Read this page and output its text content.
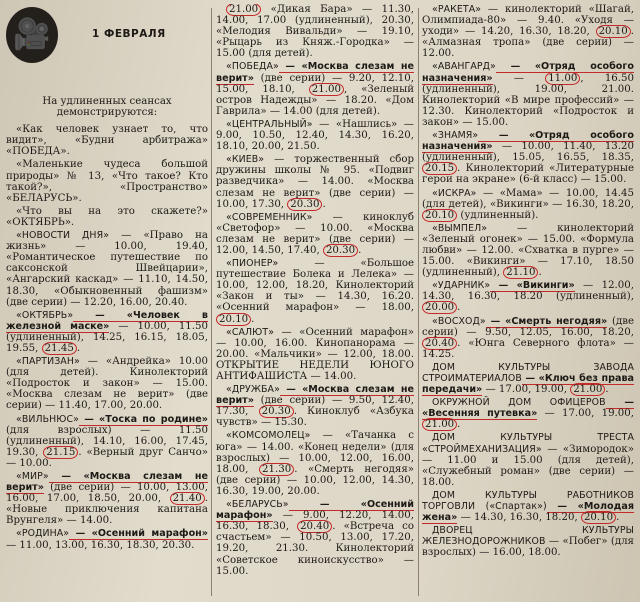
🎥	1 ФЕВРАЛЯ
На удлиненных сеансах демонстрируются:

«Как человек узнает то, что видит», «Будни арбитража» «ПОБЕДА».

«Маленькие чудеса большой природы» № 13, «Что такое? Кто такой?», «Пространство» «БЕЛАРУСЬ».

«Что вы на это скажете?» «ОКТЯБРЬ».

«НОВОСТИ ДНЯ» — «Право на жизнь» — 10.00, 19.40, «Романтическое путешествие по саксонской Швейцарии», «Ангарский каскад» — 11.10, 14.50, 18.30, «Обыкновенный фашизм» (две серии) — 12.20, 16.00, 20.40.

«ОКТЯБРЬ» — «Человек в железной маске» — 10.00, 11.50 (удлиненный), 14.25, 16.15, 18.05, 19.55, 21.45 .

«ПАРТИЗАН» — «Андрейка» 10.00 (для детей). Кинолекторий «Подросток и закон» — 15.00. «Москва слезам не верит» (две серии) — 11.40, 17.00, 20.00.

«ВИЛЬНЮС» — «Тоска по родине» (для взрослых) — 11.50 (удлиненный), 14.10, 16.00, 17.45, 19.30, 21.15 . «Верный друг Санчо» — 10.00.

«МИР» — «Москва слезам не верит» (две серии) — 10.00, 13.00, 16.00, 17.00, 18.50, 20.00, 21.40 . «Новые приключения капитана Врунгеля» — 14.00.

«РОДИНА» — «Осенний марафон» — 11.00, 13.00, 16.30, 18.30, 20.30.

21.00 «Дикая Бара» — 11.30, 14.00, 17.00 (удлиненный), 20.30, «Мелодия Вивальди» — 19.10, «Рыцарь из Княж.-Городка» — 15.00 (для детей).

«ПОБЕДА» — «Москва слезам не верит» (две серии) — 9.20, 12.10, 15.00, 18.10, 21.00 , «Зеленый остров Надежды» — 18.20. «Дом Гаврила» — 14.00 (для детей).

«ЦЕНТРАЛЬНЫЙ» — «Нашлись» — 9.00, 10.50, 12.40, 14.30, 16.20, 18.10, 20.00, 21.50.

«КИЕВ» — торжественный сбор дружины школы № 95. «Подвиг разведчика» — 14.00. «Москва слезам не верит» (две серии) — 10.00, 17.30, 20.30 .

«СОВРЕМЕННИК» — киноклуб «Светофор» — 10.00. «Москва слезам не верит» (две серии) — 12.00, 14.50, 17.40, 20.30 .

«ПИОНЕР» — «Большое путешествие Болека и Лелека» — 10.00, 12.00, 18.20, Кинолекторий «Закон и ты» — 14.30, 16.20. «Осенний марафон» — 18.00, 20.10 .

«САЛЮТ» — «Осенний марафон» — 10.00, 16.00. Кинопанорама — 20.00. «Мальчики» — 12.00, 18.00. ОТКРЫТИЕ НЕДЕЛИ ЮНОГО АНТИФАШИСТА — 14.00.

«ДРУЖБА» — «Москва слезам не верит» (две серии) — 9.50, 12.40, 17.30, 20.30 . Киноклуб «Азбука чувств» — 15.30.

«КОМСОМОЛЕЦ» — «Тачанка с юга» — 14.00. «Конец недели» (для взрослых) — 10.00, 12.00, 16.00, 18.00, 21.30 . «Смерть негодяя» (две серии) — 10.00, 12.00, 14.30, 16.30, 19.00, 20.00.

«БЕЛАРУСЬ» — «Осенний марафон» — 9.00, 12.20, 14.00, 16.30, 18.30, 20.40 . «Встреча со счастьем» — 10.50, 13.00, 17.20, 19.20, 21.30. Кинолекторий «Советское киноискусство» — 15.00.

«РАКЕТА» — кинолекторий «Шагай, Олимпиада-80» — 9.40. «Уходя — уходи» — 14.20, 16.30, 18.20, 20.10 . «Алмазная тропа» (две серии) — 12.00.

«АВАНГАРД» — «Отряд особого назначения» — 11.00 , 16.50 (удлиненный), 19.00, 21.00. Кинолекторий «В мире профессий» — 12.30. Кинолекторий «Подросток и закон» — 15.00.

«ЗНАМЯ» — «Отряд особого назначения» — 10.00, 11.40, 13.20 (удлиненный), 15.05, 16.55, 18.35, 20.15 . Кинолекторий «Литературные герои на экране» (6-й класс) — 15.00.

«ИСКРА» — «Мама» — 10.00, 14.45 (для детей), «Викинги» — 16.30, 18.20, 20.10 (удлиненный).

«ВЫМПЕЛ» — кинолекторий «Зеленый огонек» — 15.00. «Формула любви» — 12.00. «Схватка в пурге» — 15.00. «Викинги» — 17.10, 18.50 (удлиненный), 21.10 .

«УДАРНИК» — «Викинги» — 12.00, 14.30, 16.30, 18.20 (удлиненный), 20.00 .

«ВОСХОД» — «Смерть негодяя» (две серии) — 9.50, 12.05, 16.00, 18.20, 20.40 . «Юнга Северного флота» — 14.25.

ДОМ КУЛЬТУРЫ ЗАВОДА СТРОИМАТЕРИАЛОВ — «Ключ без права передачи» — 17.00, 19.00, 21.00 .

ОКРУЖНОЙ ДОМ ОФИЦЕРОВ — «Весенняя путевка» — 17.00, 19.00, 21.00 .

ДОМ КУЛЬТУРЫ ТРЕСТА «СТРОЙМЕХАНИЗАЦИЯ» — «Зимородок» — 11.00 и 15.00 (для детей), «Служебный роман» (две серии) — 18.00.

ДОМ КУЛЬТУРЫ РАБОТНИКОВ ТОРГОВЛИ («Спартак») — «Молодая жена» — 14.30, 16.30, 18.20, 20.10 .

ДВОРЕЦ КУЛЬТУРЫ ЖЕЛЕЗНОДОРОЖНИКОВ — «Побег» (для взрослых) — 16.00, 18.00.
